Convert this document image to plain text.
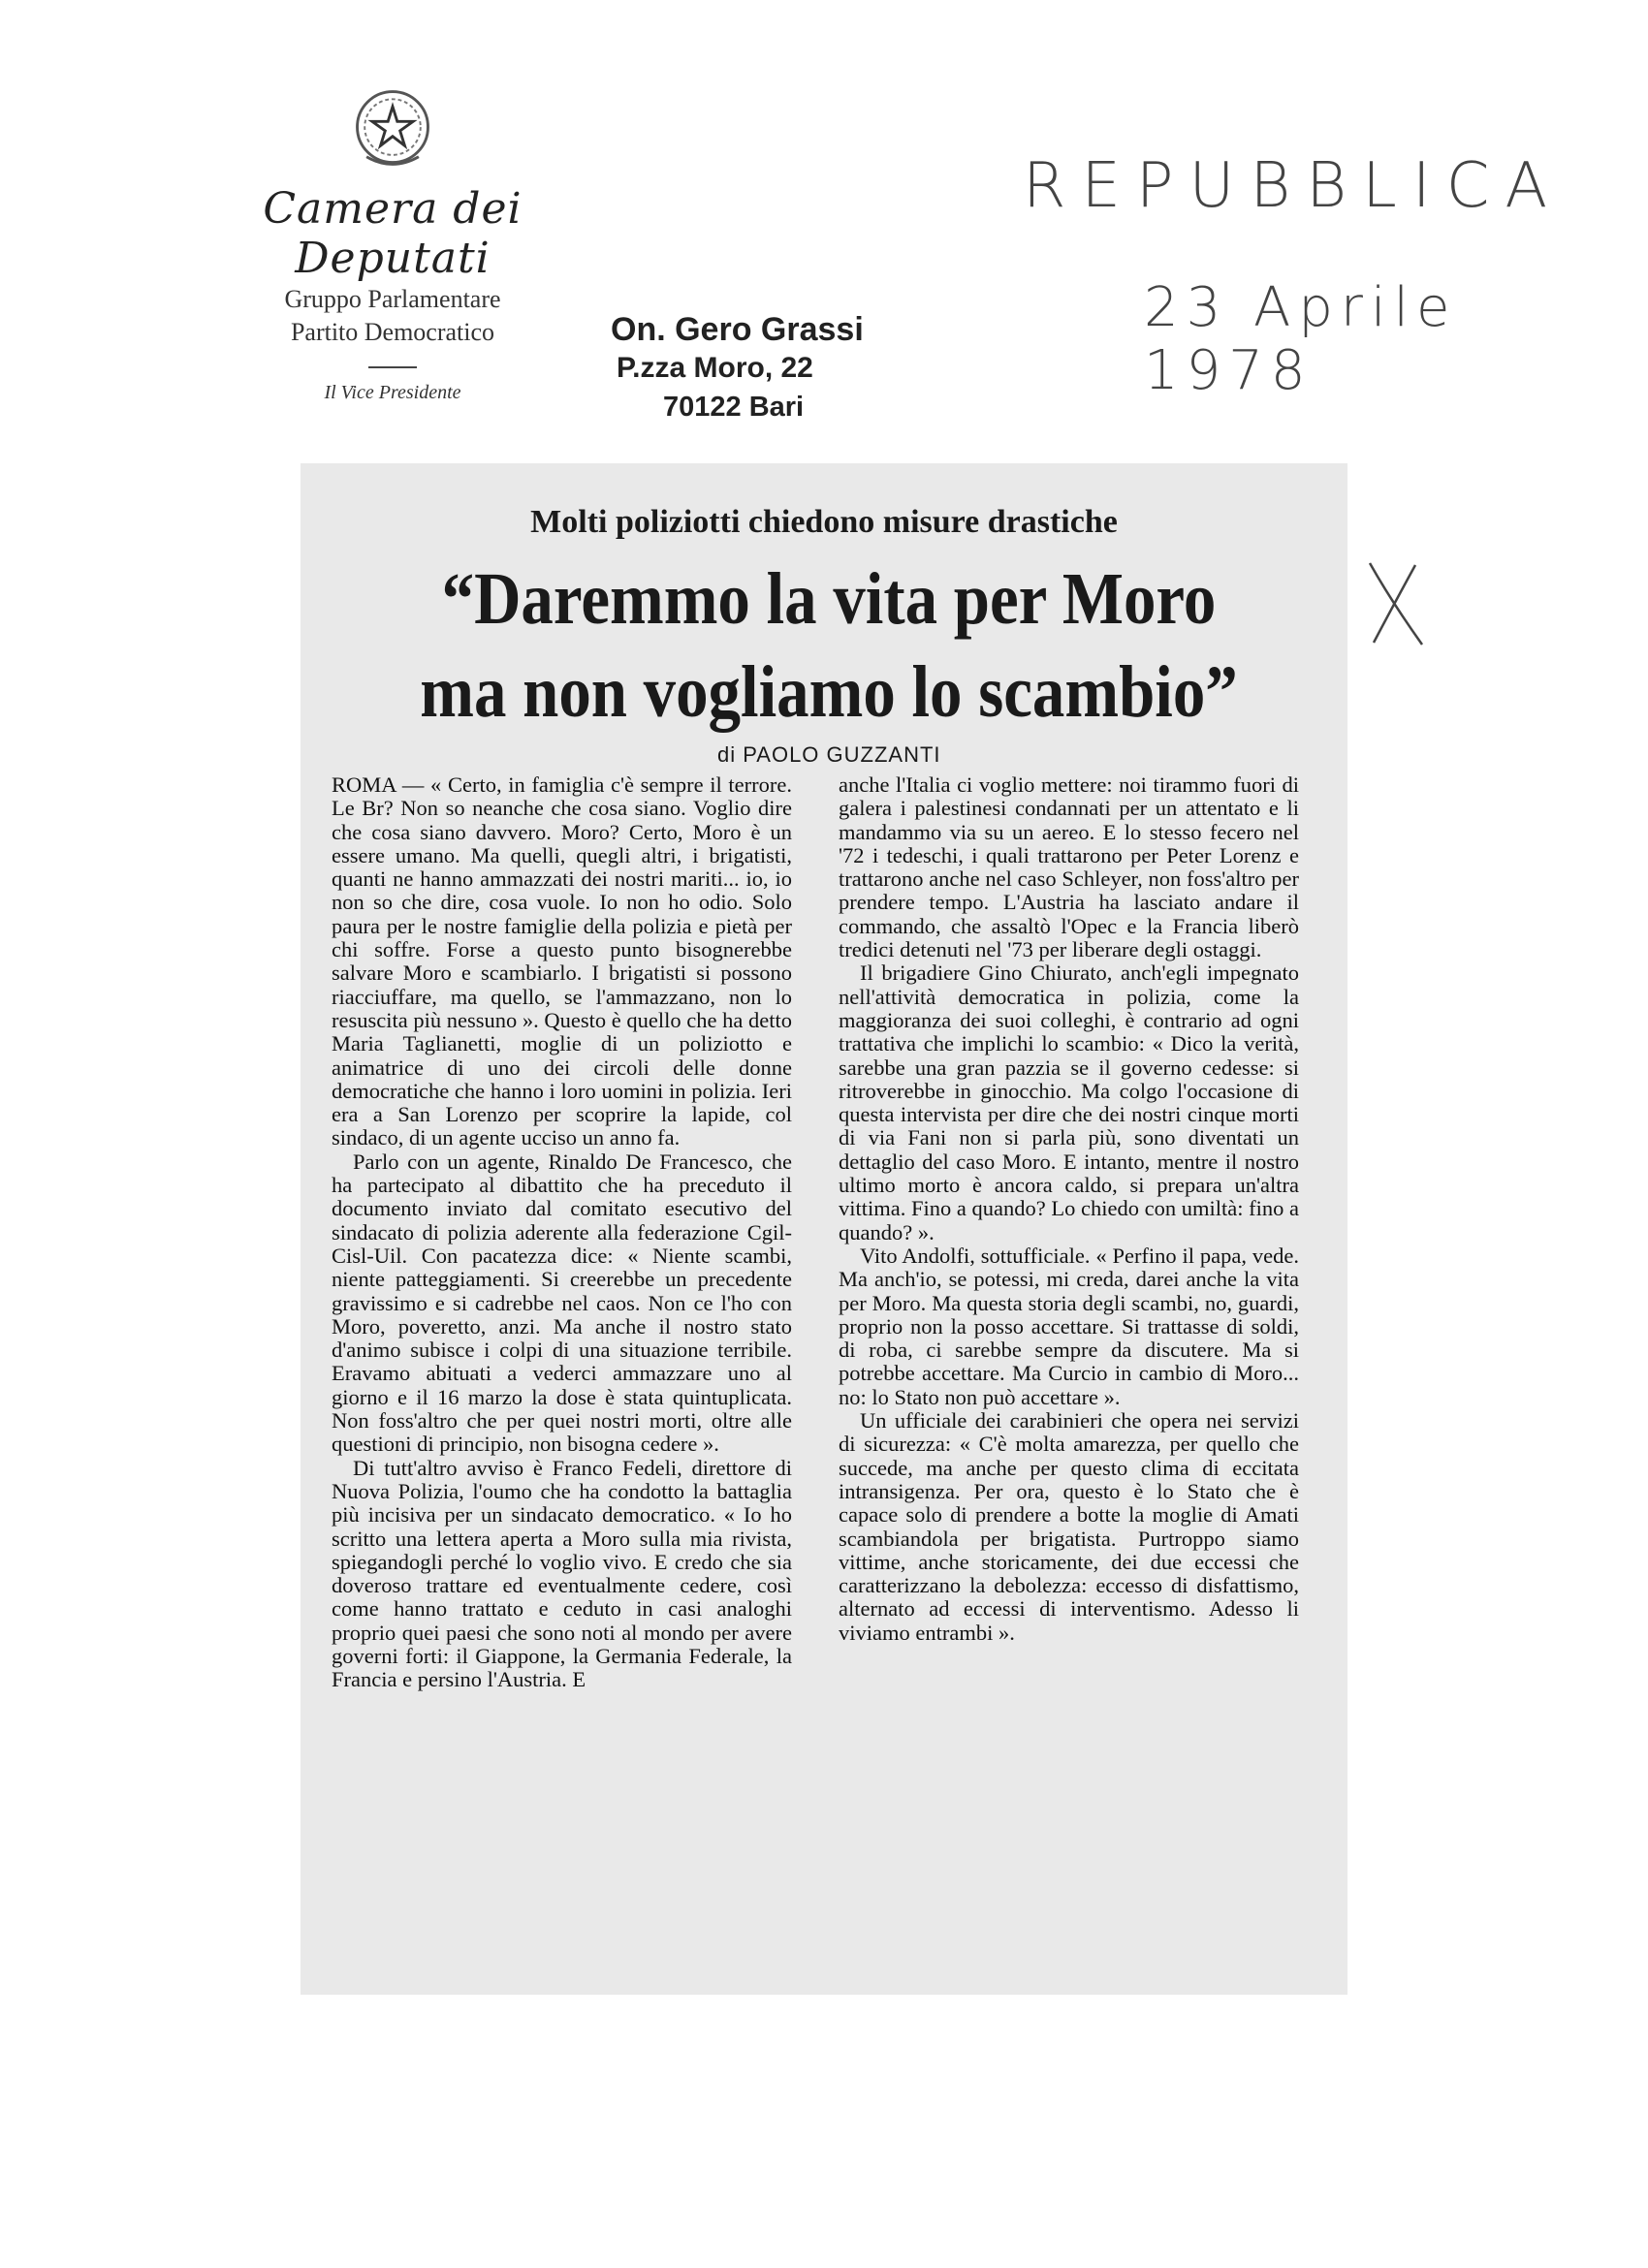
Camera dei Deputati
Gruppo Parlamentare
Partito Democratico
Il Vice Presidente
On. Gero Grassi
P.zza Moro, 22
70122 Bari
REPUBBLICA
23 Aprile 1978
Molti poliziotti chiedono misure drastiche
“Daremmo la vita per Moro
ma non vogliamo lo scambio”
di PAOLO GUZZANTI

ROMA — « Certo, in famiglia c'è sempre il terrore. Le Br? Non so neanche che cosa siano. Voglio dire che cosa siano davvero. Moro? Certo, Moro è un essere umano. Ma quelli, quegli altri, i brigatisti, quanti ne hanno ammazzati dei nostri mariti... io, io non so che dire, cosa vuole. Io non ho odio. Solo paura per le nostre famiglie della polizia e pietà per chi soffre. Forse a questo punto bisognerebbe salvare Moro e scambiarlo. I brigatisti si possono riacciuffare, ma quello, se l'ammazzano, non lo resuscita più nessuno ». Questo è quello che ha detto Maria Taglianetti, moglie di un poliziotto e animatrice di uno dei circoli delle donne democratiche che hanno i loro uomini in polizia. Ieri era a San Lorenzo per scoprire la lapide, col sindaco, di un agente ucciso un anno fa.

Parlo con un agente, Rinaldo De Francesco, che ha partecipato al dibattito che ha preceduto il documento inviato dal comitato esecutivo del sindacato di polizia aderente alla federazione Cgil-Cisl-Uil. Con pacatezza dice: « Niente scambi, niente patteggiamenti. Si creerebbe un precedente gravissimo e si cadrebbe nel caos. Non ce l'ho con Moro, poveretto, anzi. Ma anche il nostro stato d'animo subisce i colpi di una situazione terribile. Eravamo abituati a vederci ammazzare uno al giorno e il 16 marzo la dose è stata quintuplicata. Non foss'altro che per quei nostri morti, oltre alle questioni di principio, non bisogna cedere ».

Di tutt'altro avviso è Franco Fedeli, direttore di Nuova Polizia, l'oumo che ha condotto la battaglia più incisiva per un sindacato democratico. « Io ho scritto una lettera aperta a Moro sulla mia rivista, spiegandogli perché lo voglio vivo. E credo che sia doveroso trattare ed eventualmente cedere, così come hanno trattato e ceduto in casi analoghi proprio quei paesi che sono noti al mondo per avere governi forti: il Giappone, la Germania Federale, la Francia e persino l'Austria. E

anche l'Italia ci voglio mettere: noi tirammo fuori di galera i palestinesi condannati per un attentato e li mandammo via su un aereo. E lo stesso fecero nel '72 i tedeschi, i quali trattarono per Peter Lorenz e trattarono anche nel caso Schleyer, non foss'altro per prendere tempo. L'Austria ha lasciato andare il commando, che assaltò l'Opec e la Francia liberò tredici detenuti nel '73 per liberare degli ostaggi.

Il brigadiere Gino Chiurato, anch'egli impegnato nell'attività democratica in polizia, come la maggioranza dei suoi colleghi, è contrario ad ogni trattativa che implichi lo scambio: « Dico la verità, sarebbe una gran pazzia se il governo cedesse: si ritroverebbe in ginocchio. Ma colgo l'occasione di questa intervista per dire che dei nostri cinque morti di via Fani non si parla più, sono diventati un dettaglio del caso Moro. E intanto, mentre il nostro ultimo morto è ancora caldo, si prepara un'altra vittima. Fino a quando? Lo chiedo con umiltà: fino a quando? ».

Vito Andolfi, sottufficiale. « Perfino il papa, vede. Ma anch'io, se potessi, mi creda, darei anche la vita per Moro. Ma questa storia degli scambi, no, guardi, proprio non la posso accettare. Si trattasse di soldi, di roba, ci sarebbe sempre da discutere. Ma si potrebbe accettare. Ma Curcio in cambio di Moro... no: lo Stato non può accettare ».

Un ufficiale dei carabinieri che opera nei servizi di sicurezza: « C'è molta amarezza, per quello che succede, ma anche per questo clima di eccitata intransigenza. Per ora, questo è lo Stato che è capace solo di prendere a botte la moglie di Amati scambiandola per brigatista. Purtroppo siamo vittime, anche storicamente, dei due eccessi che caratterizzano la debolezza: eccesso di disfattismo, alternato ad eccessi di interventismo. Adesso li viviamo entrambi ».
